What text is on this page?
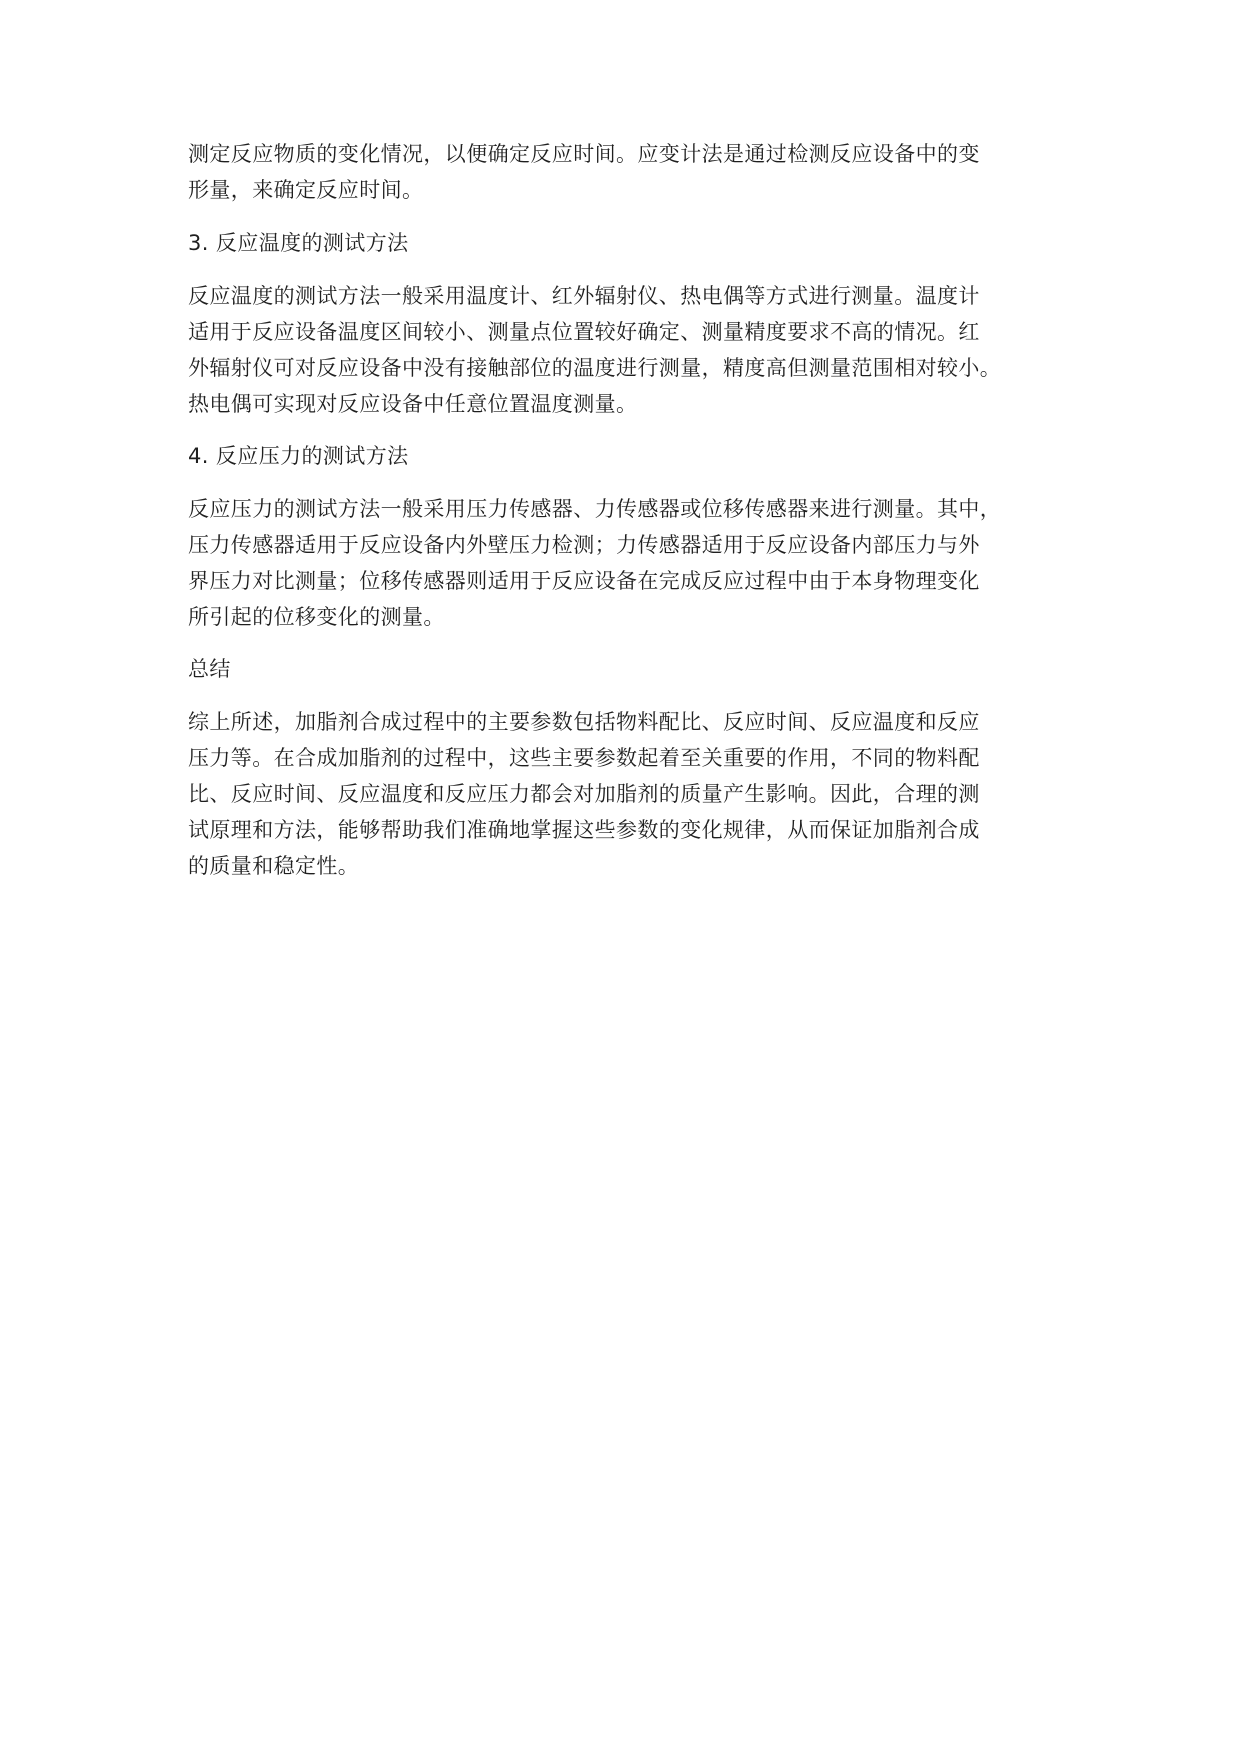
测定反应物质的变化情况，以便确定反应时间。应变计法是通过检测反应设备中的变
形量，来确定反应时间。
3. 反应温度的测试方法
反应温度的测试方法一般采用温度计、红外辐射仪、热电偶等方式进行测量。温度计
适用于反应设备温度区间较小、测量点位置较好确定、测量精度要求不高的情况。红
外辐射仪可对反应设备中没有接触部位的温度进行测量，精度高但测量范围相对较小。
热电偶可实现对反应设备中任意位置温度测量。
4. 反应压力的测试方法
反应压力的测试方法一般采用压力传感器、力传感器或位移传感器来进行测量。其中，
压力传感器适用于反应设备内外壁压力检测；力传感器适用于反应设备内部压力与外
界压力对比测量；位移传感器则适用于反应设备在完成反应过程中由于本身物理变化
所引起的位移变化的测量。
总结
综上所述，加脂剂合成过程中的主要参数包括物料配比、反应时间、反应温度和反应
压力等。在合成加脂剂的过程中，这些主要参数起着至关重要的作用，不同的物料配
比、反应时间、反应温度和反应压力都会对加脂剂的质量产生影响。因此，合理的测
试原理和方法，能够帮助我们准确地掌握这些参数的变化规律，从而保证加脂剂合成
的质量和稳定性。
